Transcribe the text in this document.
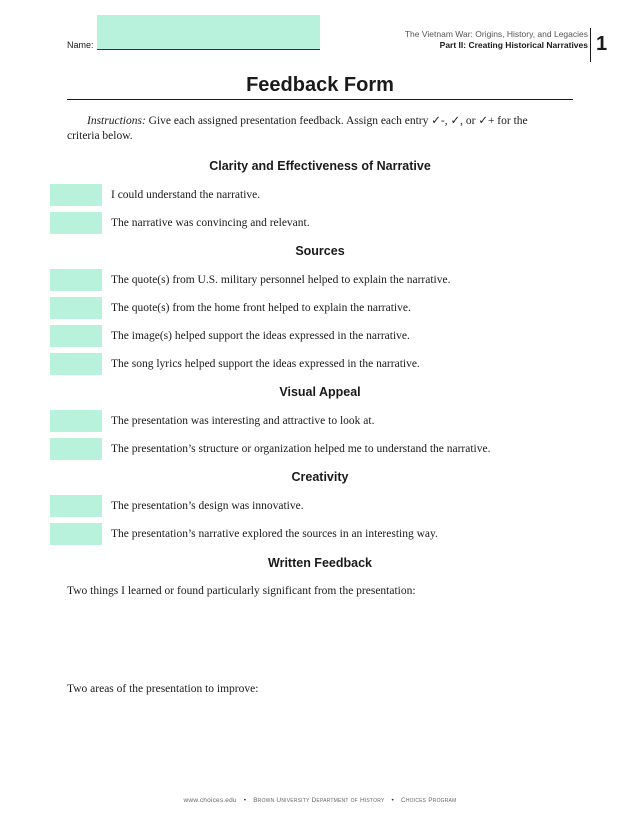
Name:
The Vietnam War: Origins, History, and Legacies
Part II: Creating Historical Narratives 1
Feedback Form
Instructions: Give each assigned presentation feedback. Assign each entry ✓-, ✓, or ✓+ for the criteria below.
Clarity and Effectiveness of Narrative
I could understand the narrative.
The narrative was convincing and relevant.
Sources
The quote(s) from U.S. military personnel helped to explain the narrative.
The quote(s) from the home front helped to explain the narrative.
The image(s) helped support the ideas expressed in the narrative.
The song lyrics helped support the ideas expressed in the narrative.
Visual Appeal
The presentation was interesting and attractive to look at.
The presentation’s structure or organization helped me to understand the narrative.
Creativity
The presentation’s design was innovative.
The presentation’s narrative explored the sources in an interesting way.
Written Feedback
Two things I learned or found particularly significant from the presentation:
Two areas of the presentation to improve:
www.choices.edu • Brown University Department of History • Choices Program
